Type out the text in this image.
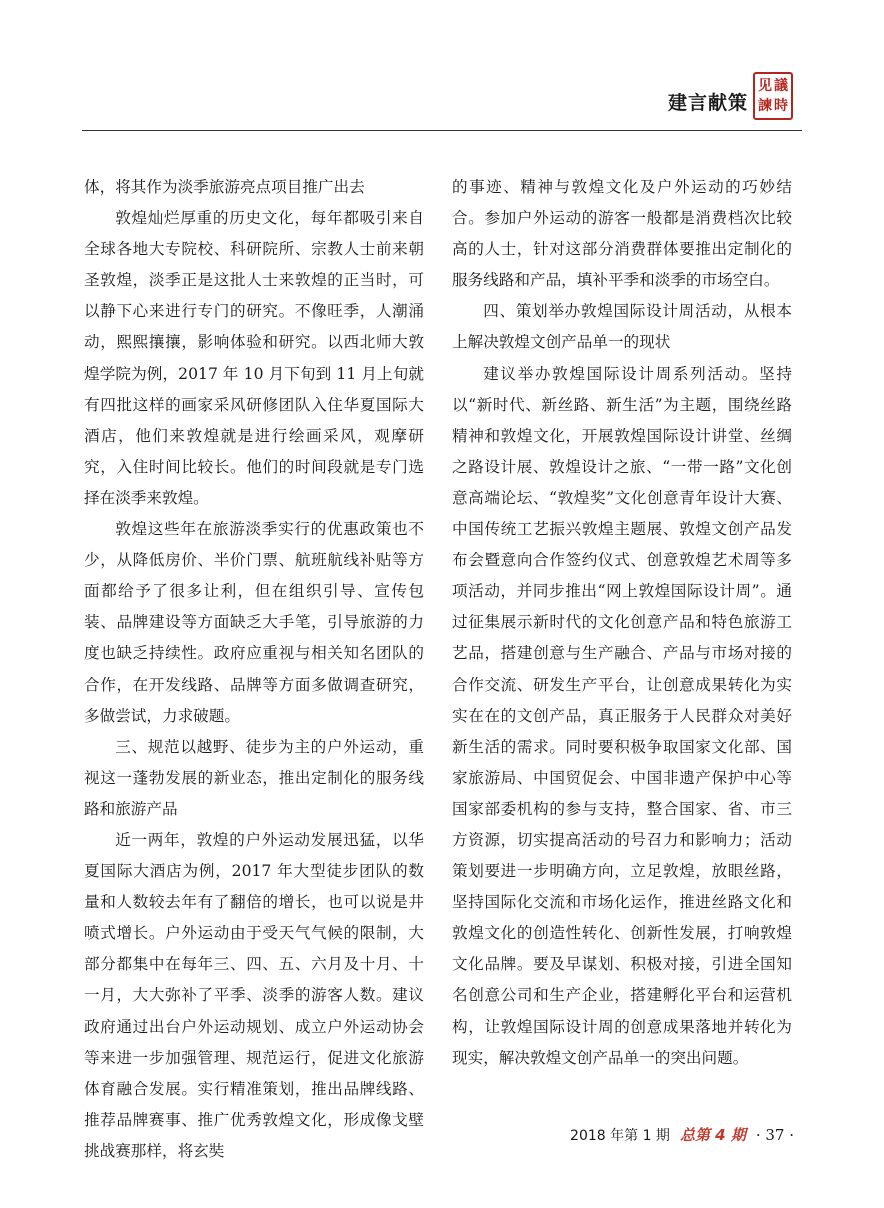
建言献策
见 議
諫 時

体，将其作为淡季旅游亮点项目推广出去

敦煌灿烂厚重的历史文化，每年都吸引来自全球各地大专院校、科研院所、宗教人士前来朝圣敦煌，淡季正是这批人士来敦煌的正当时，可以静下心来进行专门的研究。不像旺季，人潮涌动，熙熙攘攘，影响体验和研究。以西北师大敦煌学院为例，2017 年 10 月下旬到 11 月上旬就有四批这样的画家采风研修团队入住华夏国际大酒店，他们来敦煌就是进行绘画采风，观摩研究，入住时间比较长。他们的时间段就是专门选择在淡季来敦煌。

敦煌这些年在旅游淡季实行的优惠政策也不少，从降低房价、半价门票、航班航线补贴等方面都给予了很多让利，但在组织引导、宣传包装、品牌建设等方面缺乏大手笔，引导旅游的力度也缺乏持续性。政府应重视与相关知名团队的合作，在开发线路、品牌等方面多做调查研究，多做尝试，力求破题。

三、规范以越野、徒步为主的户外运动，重视这一蓬勃发展的新业态，推出定制化的服务线路和旅游产品

近一两年，敦煌的户外运动发展迅猛，以华夏国际大酒店为例，2017 年大型徒步团队的数量和人数较去年有了翻倍的增长，也可以说是井喷式增长。户外运动由于受天气气候的限制，大部分都集中在每年三、四、五、六月及十月、十一月，大大弥补了平季、淡季的游客人数。建议政府通过出台户外运动规划、成立户外运动协会等来进一步加强管理、规范运行，促进文化旅游体育融合发展。实行精准策划，推出品牌线路、推荐品牌赛事、推广优秀敦煌文化，形成像戈壁挑战赛那样，将玄奘

的事迹、精神与敦煌文化及户外运动的巧妙结合。参加户外运动的游客一般都是消费档次比较高的人士，针对这部分消费群体要推出定制化的服务线路和产品，填补平季和淡季的市场空白。

四、策划举办敦煌国际设计周活动，从根本上解决敦煌文创产品单一的现状

建议举办敦煌国际设计周系列活动。坚持以“新时代、新丝路、新生活”为主题，围绕丝路精神和敦煌文化，开展敦煌国际设计讲堂、丝绸之路设计展、敦煌设计之旅、“一带一路”文化创意高端论坛、“敦煌奖”文化创意青年设计大赛、中国传统工艺振兴敦煌主题展、敦煌文创产品发布会暨意向合作签约仪式、创意敦煌艺术周等多项活动，并同步推出“网上敦煌国际设计周”。通过征集展示新时代的文化创意产品和特色旅游工艺品，搭建创意与生产融合、产品与市场对接的合作交流、研发生产平台，让创意成果转化为实实在在的文创产品，真正服务于人民群众对美好新生活的需求。同时要积极争取国家文化部、国家旅游局、中国贸促会、中国非遗产保护中心等国家部委机构的参与支持，整合国家、省、市三方资源，切实提高活动的号召力和影响力；活动策划要进一步明确方向，立足敦煌，放眼丝路，坚持国际化交流和市场化运作，推进丝路文化和敦煌文化的创造性转化、创新性发展，打响敦煌文化品牌。要及早谋划、积极对接，引进全国知名创意公司和生产企业，搭建孵化平台和运营机构，让敦煌国际设计周的创意成果落地并转化为现实，解决敦煌文创产品单一的突出问题。

2018 年第 1 期 总第 4 期 · 37 ·
